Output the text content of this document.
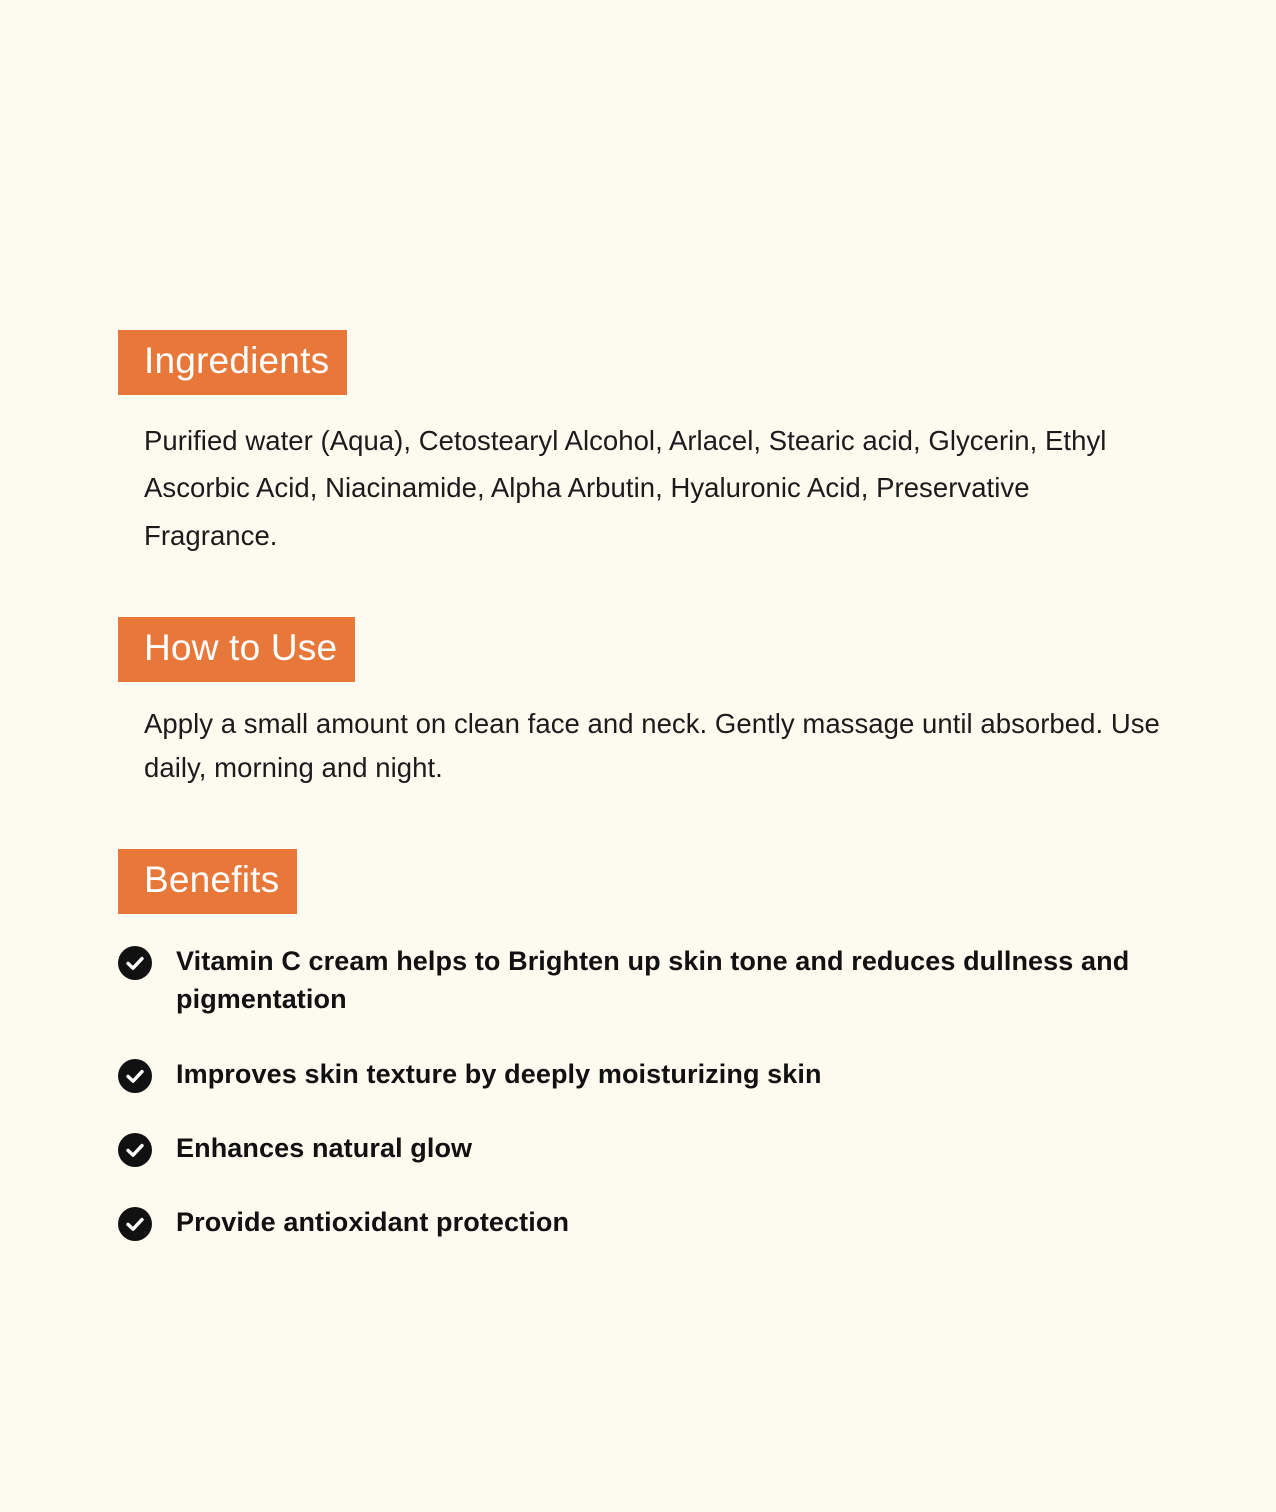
Ingredients

Purified water (Aqua), Cetostearyl Alcohol, Arlacel, Stearic acid, Glycerin, Ethyl Ascorbic Acid, Niacinamide, Alpha Arbutin, Hyaluronic Acid, Preservative Fragrance.

How to Use

Apply a small amount on clean face and neck. Gently massage until absorbed. Use daily, morning and night.

Benefits
Vitamin C cream helps to Brighten up skin tone and reduces dullness and pigmentation
Improves skin texture by deeply moisturizing skin
Enhances natural glow
Provide antioxidant protection
